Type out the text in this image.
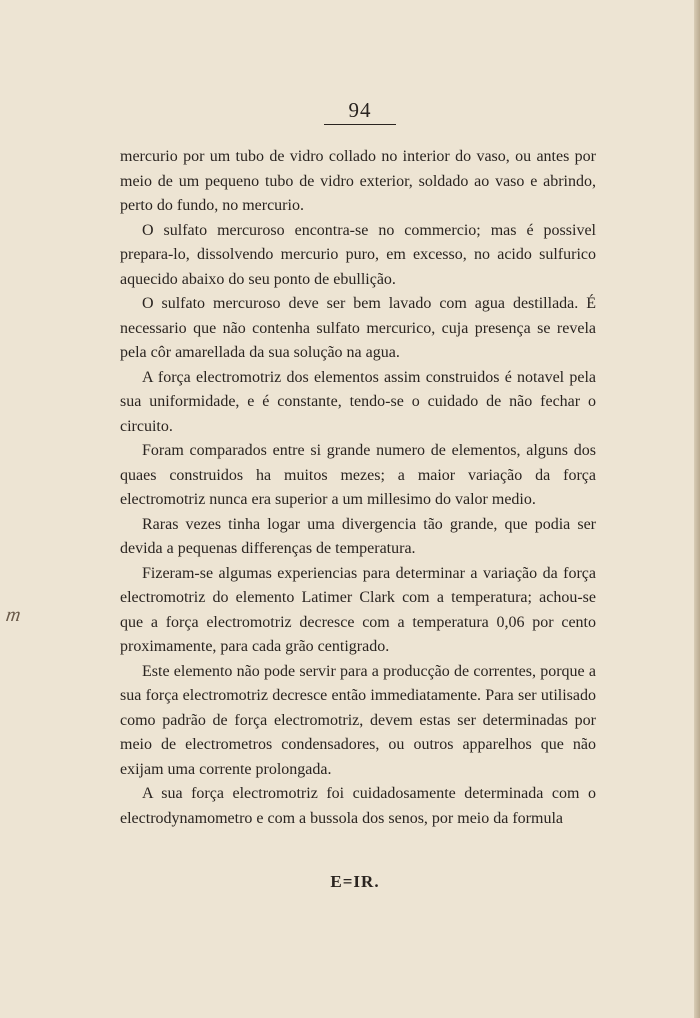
94
m

mercurio por um tubo de vidro collado no interior do vaso, ou antes por meio de um pequeno tubo de vidro exterior, soldado ao vaso e abrindo, perto do fundo, no mercurio.

O sulfato mercuroso encontra-se no commercio; mas é possivel prepara-lo, dissolvendo mercurio puro, em excesso, no acido sulfurico aquecido abaixo do seu ponto de ebullição.

O sulfato mercuroso deve ser bem lavado com agua destillada. É necessario que não contenha sulfato mercurico, cuja presença se revela pela côr amarellada da sua solução na agua.

A força electromotriz dos elementos assim construidos é notavel pela sua uniformidade, e é constante, tendo-se o cuidado de não fechar o circuito.

Foram comparados entre si grande numero de elementos, alguns dos quaes construidos ha muitos mezes; a maior variação da força electromotriz nunca era superior a um millesimo do valor medio.

Raras vezes tinha logar uma divergencia tão grande, que podia ser devida a pequenas differenças de temperatura.

Fizeram-se algumas experiencias para determinar a variação da força electromotriz do elemento Latimer Clark com a temperatura; achou-se que a força electromotriz decresce com a temperatura 0,06 por cento proximamente, para cada grão centigrado.

Este elemento não pode servir para a producção de correntes, porque a sua força electromotriz decresce então immediatamente. Para ser utilisado como padrão de força electromotriz, devem estas ser determinadas por meio de electrometros condensadores, ou outros apparelhos que não exijam uma corrente prolongada.

A sua força electromotriz foi cuidadosamente determinada com o electrodynamometro e com a bussola dos senos, por meio da formula

E=IR.
